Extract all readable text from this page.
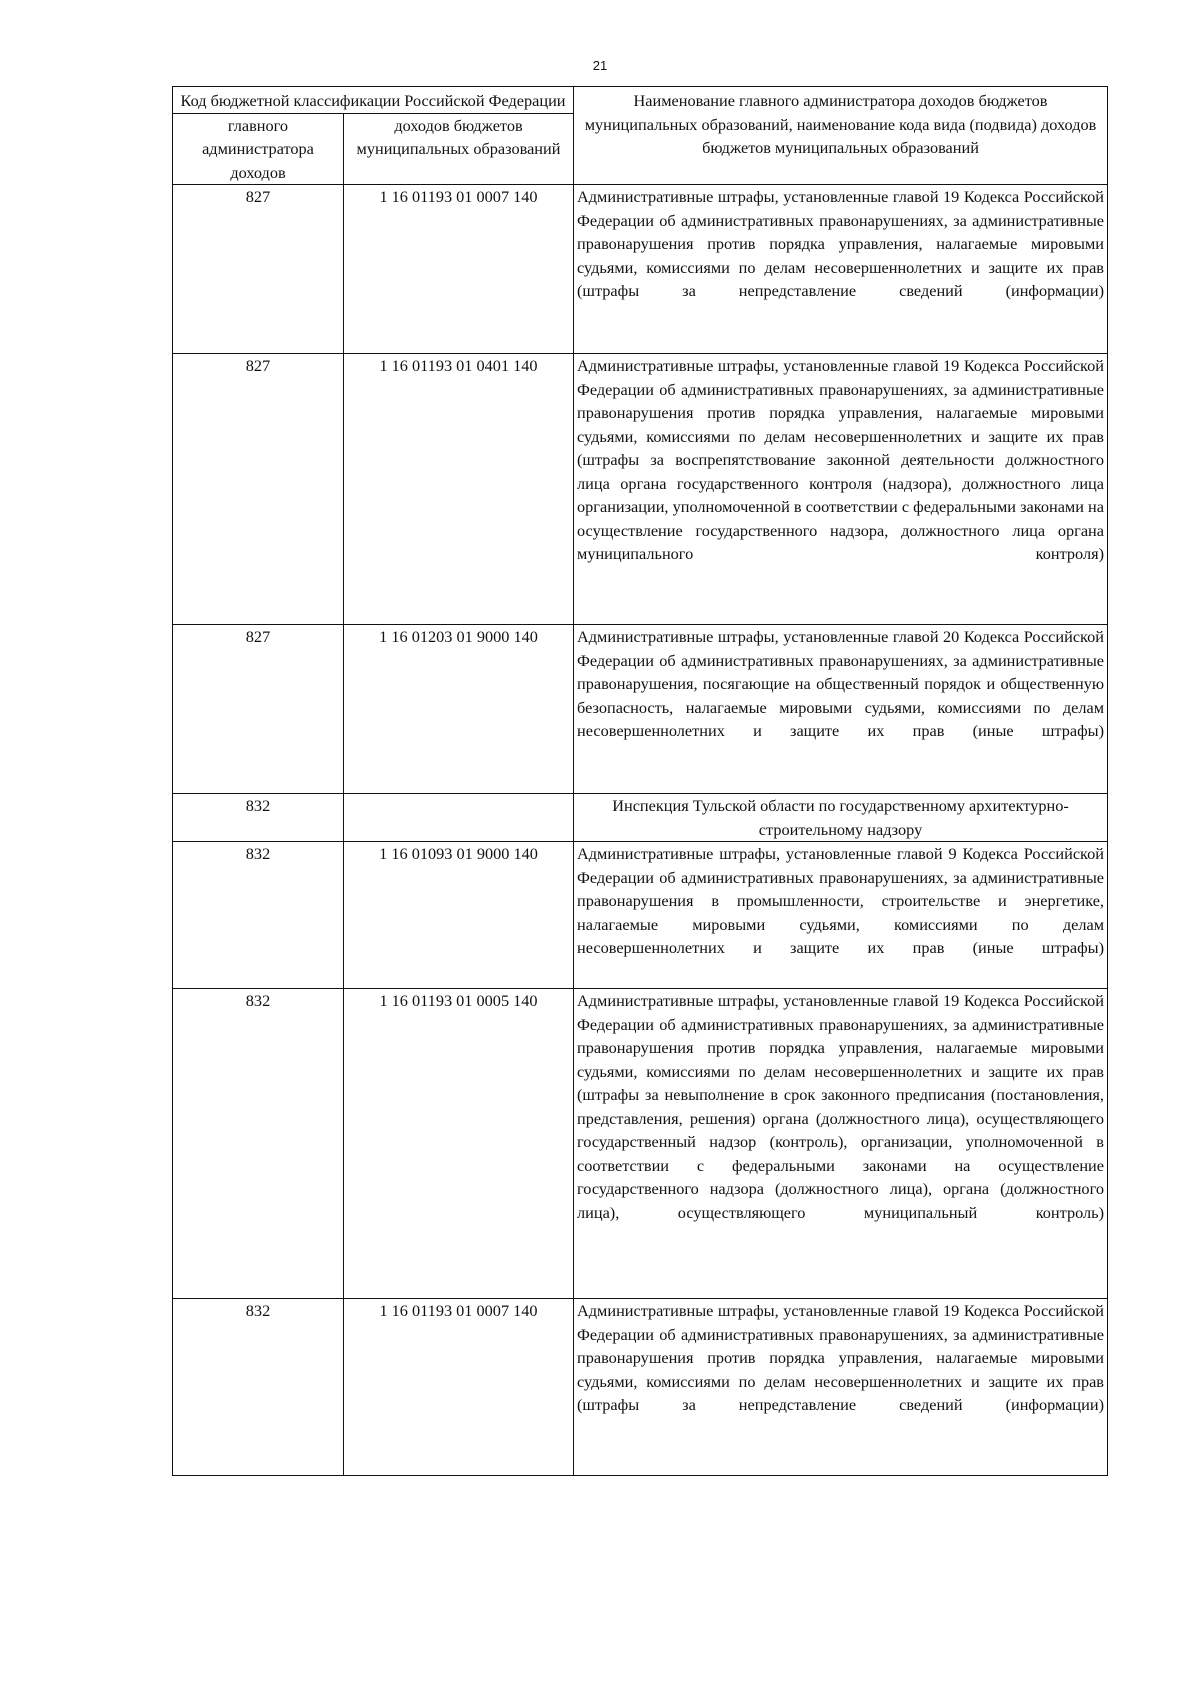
21
Код бюджетной классификации Российской Федерации		Наименование главного администратора доходов бюджетов муниципальных образований, наименование кода вида (подвида) доходов бюджетов муниципальных образований
главного администратора доходов	доходов бюджетов муниципальных образований	
827	1 16 01193 01 0007 140	Административные штрафы, установленные главой 19 Кодекса Российской Федерации об административных правонарушениях, за административные правонарушения против порядка управления, налагаемые мировыми судьями, комиссиями по делам несовершеннолетних и защите их прав (штрафы за непредставление сведений (информации)
827	1 16 01193 01 0401 140	Административные штрафы, установленные главой 19 Кодекса Российской Федерации об административных правонарушениях, за административные правонарушения против порядка управления, налагаемые мировыми судьями, комиссиями по делам несовершеннолетних и защите их прав (штрафы за воспрепятствование законной деятельности должностного лица органа государственного контроля (надзора), должностного лица организации, уполномоченной в соответствии с федеральными законами на осуществление государственного надзора, должностного лица органа муниципального контроля)
827	1 16 01203 01 9000 140	Административные штрафы, установленные главой 20 Кодекса Российской Федерации об административных правонарушениях, за административные правонарушения, посягающие на общественный порядок и общественную безопасность, налагаемые мировыми судьями, комиссиями по делам несовершеннолетних и защите их прав (иные штрафы)
832		Инспекция Тульской области по государственному архитектурно-строительному надзору
832	1 16 01093 01 9000 140	Административные штрафы, установленные главой 9 Кодекса Российской Федерации об административных правонарушениях, за административные правонарушения в промышленности, строительстве и энергетике, налагаемые мировыми судьями, комиссиями по делам несовершеннолетних и защите их прав (иные штрафы)
832	1 16 01193 01 0005 140	Административные штрафы, установленные главой 19 Кодекса Российской Федерации об административных правонарушениях, за административные правонарушения против порядка управления, налагаемые мировыми судьями, комиссиями по делам несовершеннолетних и защите их прав (штрафы за невыполнение в срок законного предписания (постановления, представления, решения) органа (должностного лица), осуществляющего государственный надзор (контроль), организации, уполномоченной в соответствии с федеральными законами на осуществление государственного надзора (должностного лица), органа (должностного лица), осуществляющего муниципальный контроль)
832	1 16 01193 01 0007 140	Административные штрафы, установленные главой 19 Кодекса Российской Федерации об административных правонарушениях, за административные правонарушения против порядка управления, налагаемые мировыми судьями, комиссиями по делам несовершеннолетних и защите их прав (штрафы за непредставление сведений (информации)
